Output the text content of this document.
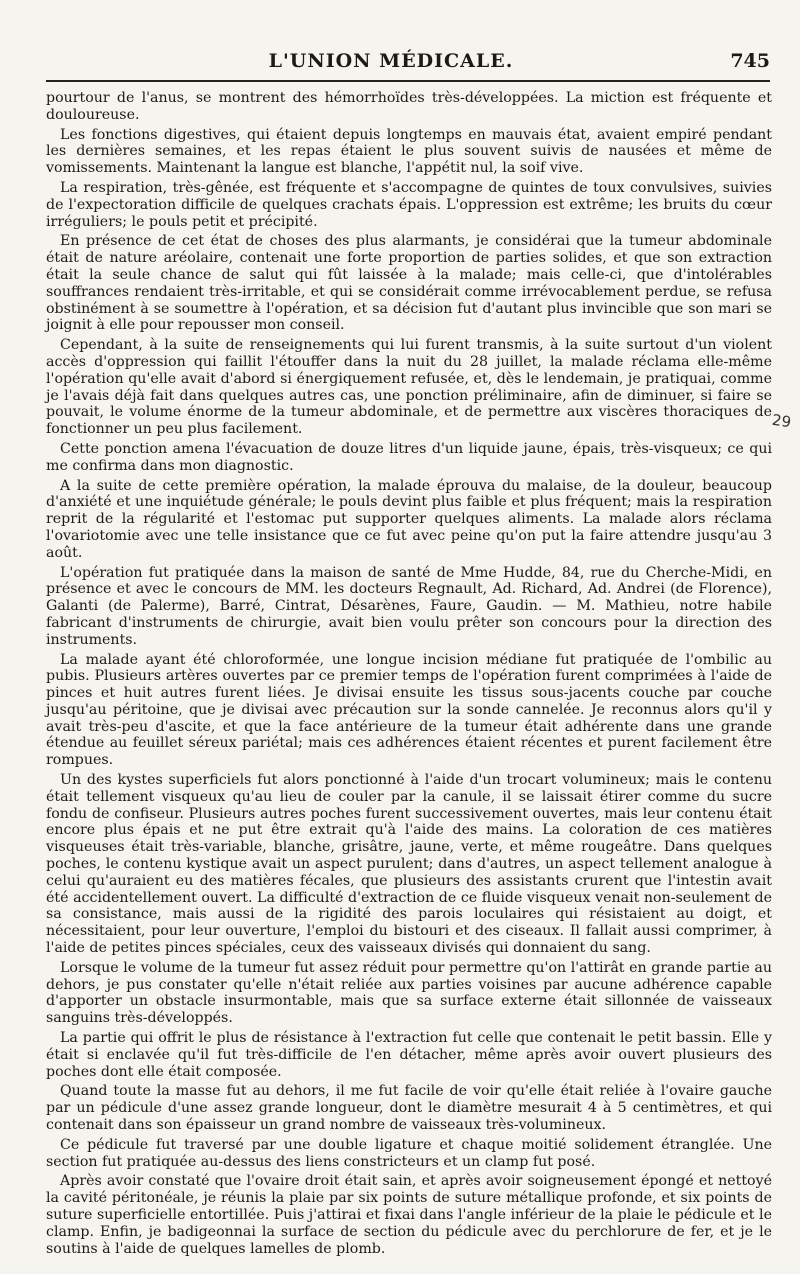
L'UNION MÉDICALE.	745

pourtour de l'anus, se montrent des hémorrhoïdes très-développées. La miction est fréquente et douloureuse.

Les fonctions digestives, qui étaient depuis longtemps en mauvais état, avaient empiré pendant les dernières semaines, et les repas étaient le plus souvent suivis de nausées et même de vomissements. Maintenant la langue est blanche, l'appétit nul, la soif vive.

La respiration, très-gênée, est fréquente et s'accompagne de quintes de toux convulsives, suivies de l'expectoration difficile de quelques crachats épais. L'oppression est extrême; les bruits du cœur irréguliers; le pouls petit et précipité.

En présence de cet état de choses des plus alarmants, je considérai que la tumeur abdominale était de nature aréolaire, contenait une forte proportion de parties solides, et que son extraction était la seule chance de salut qui fût laissée à la malade; mais celle-ci, que d'intolérables souffrances rendaient très-irritable, et qui se considérait comme irrévocablement perdue, se refusa obstinément à se soumettre à l'opération, et sa décision fut d'autant plus invincible que son mari se joignit à elle pour repousser mon conseil.

Cependant, à la suite de renseignements qui lui furent transmis, à la suite surtout d'un violent accès d'oppression qui faillit l'étouffer dans la nuit du 28 juillet, la malade réclama elle-même l'opération qu'elle avait d'abord si énergiquement refusée, et, dès le lendemain, je pratiquai, comme je l'avais déjà fait dans quelques autres cas, une ponction préliminaire, afin de diminuer, si faire se pouvait, le volume énorme de la tumeur abdominale, et de permettre aux viscères thoraciques de fonctionner un peu plus facilement.

Cette ponction amena l'évacuation de douze litres d'un liquide jaune, épais, très-visqueux; ce qui me confirma dans mon diagnostic.

A la suite de cette première opération, la malade éprouva du malaise, de la douleur, beaucoup d'anxiété et une inquiétude générale; le pouls devint plus faible et plus fréquent; mais la respiration reprit de la régularité et l'estomac put supporter quelques aliments. La malade alors réclama l'ovariotomie avec une telle insistance que ce fut avec peine qu'on put la faire attendre jusqu'au 3 août.

L'opération fut pratiquée dans la maison de santé de Mme Hudde, 84, rue du Cherche-Midi, en présence et avec le concours de MM. les docteurs Regnault, Ad. Richard, Ad. Andrei (de Florence), Galanti (de Palerme), Barré, Cintrat, Désarènes, Faure, Gaudin. — M. Mathieu, notre habile fabricant d'instruments de chirurgie, avait bien voulu prêter son concours pour la direction des instruments.

La malade ayant été chloroformée, une longue incision médiane fut pratiquée de l'ombilic au pubis. Plusieurs artères ouvertes par ce premier temps de l'opération furent comprimées à l'aide de pinces et huit autres furent liées. Je divisai ensuite les tissus sous-jacents couche par couche jusqu'au péritoine, que je divisai avec précaution sur la sonde cannelée. Je reconnus alors qu'il y avait très-peu d'ascite, et que la face antérieure de la tumeur était adhérente dans une grande étendue au feuillet séreux pariétal; mais ces adhérences étaient récentes et purent facilement être rompues.

Un des kystes superficiels fut alors ponctionné à l'aide d'un trocart volumineux; mais le contenu était tellement visqueux qu'au lieu de couler par la canule, il se laissait étirer comme du sucre fondu de confiseur. Plusieurs autres poches furent successivement ouvertes, mais leur contenu était encore plus épais et ne put être extrait qu'à l'aide des mains. La coloration de ces matières visqueuses était très-variable, blanche, grisâtre, jaune, verte, et même rougeâtre. Dans quelques poches, le contenu kystique avait un aspect purulent; dans d'autres, un aspect tellement analogue à celui qu'auraient eu des matières fécales, que plusieurs des assistants crurent que l'intestin avait été accidentellement ouvert. La difficulté d'extraction de ce fluide visqueux venait non-seulement de sa consistance, mais aussi de la rigidité des parois loculaires qui résistaient au doigt, et nécessitaient, pour leur ouverture, l'emploi du bistouri et des ciseaux. Il fallait aussi comprimer, à l'aide de petites pinces spéciales, ceux des vaisseaux divisés qui donnaient du sang.

Lorsque le volume de la tumeur fut assez réduit pour permettre qu'on l'attirât en grande partie au dehors, je pus constater qu'elle n'était reliée aux parties voisines par aucune adhérence capable d'apporter un obstacle insurmontable, mais que sa surface externe était sillonnée de vaisseaux sanguins très-développés.

La partie qui offrit le plus de résistance à l'extraction fut celle que contenait le petit bassin. Elle y était si enclavée qu'il fut très-difficile de l'en détacher, même après avoir ouvert plusieurs des poches dont elle était composée.

Quand toute la masse fut au dehors, il me fut facile de voir qu'elle était reliée à l'ovaire gauche par un pédicule d'une assez grande longueur, dont le diamètre mesurait 4 à 5 centimètres, et qui contenait dans son épaisseur un grand nombre de vaisseaux très-volumineux.

Ce pédicule fut traversé par une double ligature et chaque moitié solidement étranglée. Une section fut pratiquée au-dessus des liens constricteurs et un clamp fut posé.

Après avoir constaté que l'ovaire droit était sain, et après avoir soigneusement épongé et nettoyé la cavité péritonéale, je réunis la plaie par six points de suture métallique profonde, et six points de suture superficielle entortillée. Puis j'attirai et fixai dans l'angle inférieur de la plaie le pédicule et le clamp. Enfin, je badigeonnai la surface de section du pédicule avec du perchlorure de fer, et je le soutins à l'aide de quelques lamelles de plomb.

29
